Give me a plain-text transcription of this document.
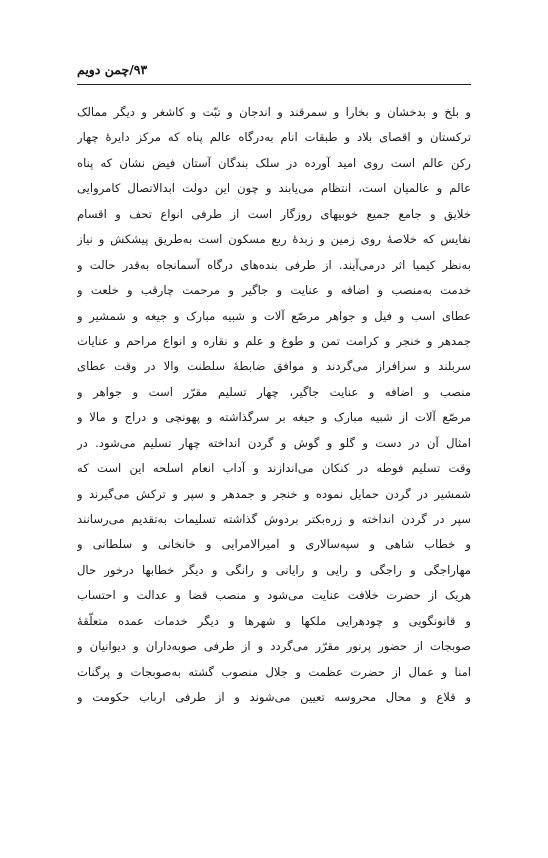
۹۳/چمن دویم
و بلخ و بدخشان و بخارا و سمرقند و اندجان و تبّت و کاشغر و دیگر ممالک
ترکستان و اقصای بلاد و طبقات انام به‌درگاه عالم پناه که مرکز دایرهٔ چهار
رکن عالم است روی امید آورده در سلک بندگان آستان فیض نشان که پناه
عالم و عالمیان است، انتظام می‌یابند و چون این دولت ابدالاتصال کامروایی
خلایق و جامع جمیع خوبیهای روزگار است از طرفی انواع تحف و اقسام
نفایس که خلاصهٔ روی زمین و زبدهٔ ربع مسکون است به‌طریق پیشکش و نیاز
به‌نظر کیمیا اثر درمی‌آیند. از طرفی بنده‌های درگاه آسمانجاه به‌قدر حالت و
خدمت به‌منصب و اضافه و عنایت و جاگیر و مرحمت چارقب و خلعت و
عطای اسب و فیل و جواهر مرصّع آلات و شبیه مبارک و جیغه و شمشیر و
جمدهر و خنجر و کرامت تمن و طوغ و علم و نقاره و انواع مراحم و عنایات
سربلند و سرافراز می‌گردند و موافق ضابطهٔ سلطنت والا در وقت عطای
منصب و اضافه و عنایت جاگیر، چهار تسلیم مقرّر است و جواهر و
مرصّع آلات از شبیه مبارک و جیغه بر سرگذاشته و پهونچی و دراج و مالا و
امثال آن در دست و گلو و گوش و گردن انداخته چهار تسلیم می‌شود. در
وقت تسلیم فوطه در کنکان می‌اندازند و آداب انعام اسلحه این است که
شمشیر در گردن حمایل نموده و خنجر و جمدهر و سپر و ترکش می‌گیرند و
سپر در گردن انداخته و زره‌بکتر بردوش گذاشته تسلیمات به‌تقدیم می‌رسانند
و خطاب شاهی و سپه‌سالاری و امیرالامرایی و خانخانی و سلطانی و
مهاراجگی و راجگی و رایی و رایانی و رانگی و دیگر خطابها درخور حال
هریک از حضرت خلافت عنایت می‌شود و منصب قضا و عدالت و احتساب
و قانونگویی و چودهرایی ملکها و شهرها و دیگر خدمات عمده متعلّقهٔ
صوبجات از حضور پرنور مقرّر می‌گردد و از طرفی صوبه‌داران و دیوانیان و
امنا و عمال از حضرت عظمت و جلال منصوب گشته به‌صوبجات و پرگنات
و قلاع و محال محروسه تعیین می‌شوند و از طرفی ارباب حکومت و
